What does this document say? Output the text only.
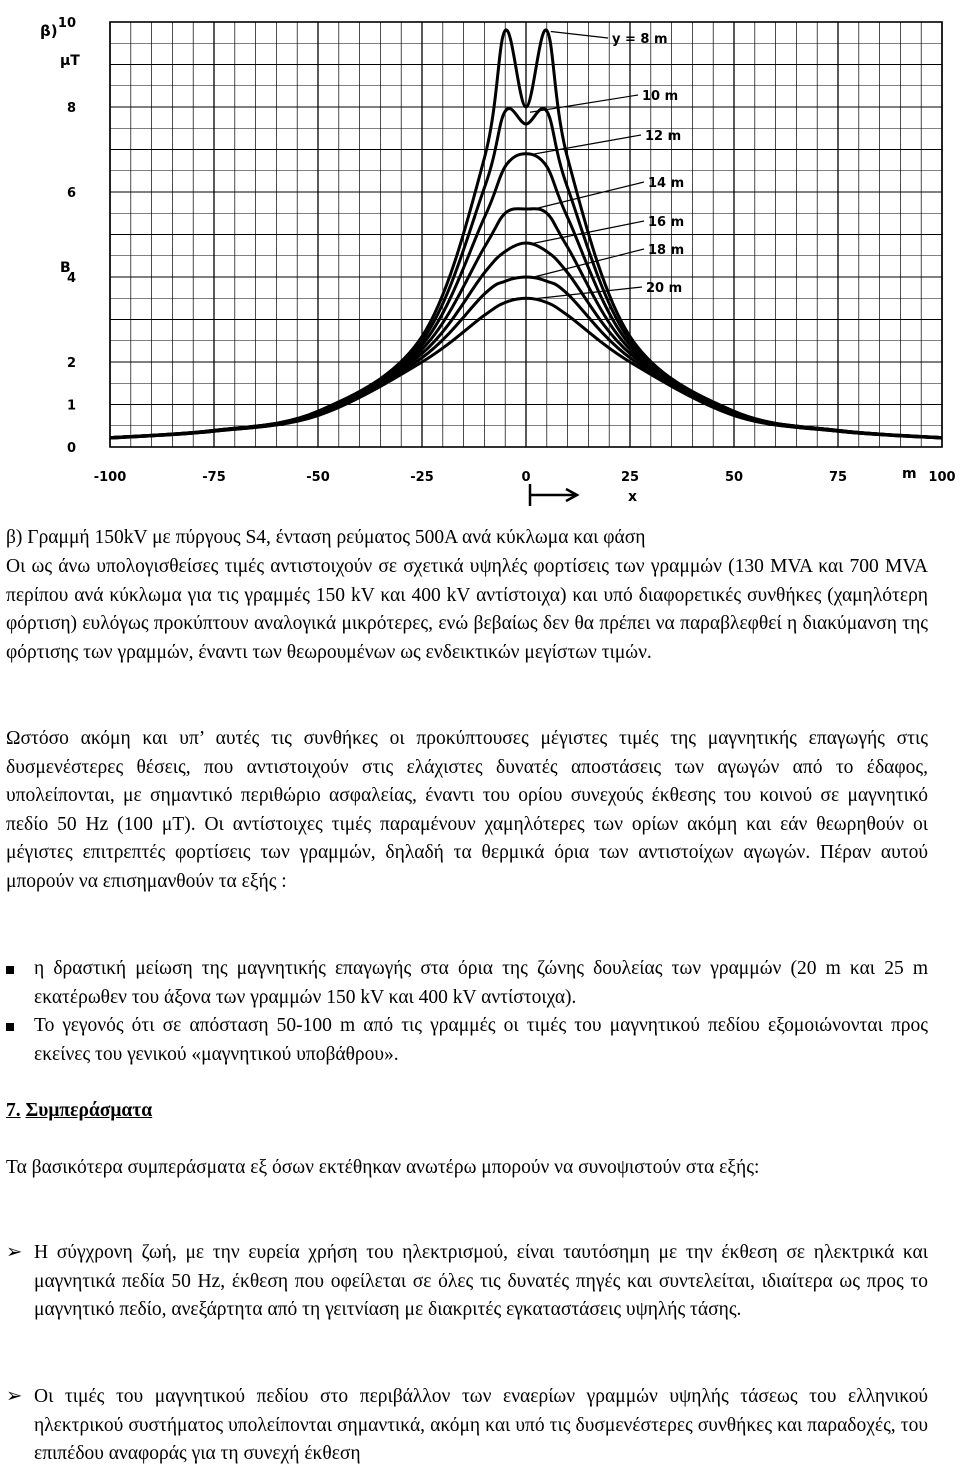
y = 8 m
10 m
12 m
14 m
16 m
18 m
20 m
-100	-75	-50	-25	0	25	50	75	100
0
1
2
4
6
8
10
β)
μT
B
m
x

β) Γραμμή 150kV με πύργους S4, ένταση ρεύματος 500Α ανά κύκλωμα και φάση

Οι ως άνω υπολογισθείσες τιμές αντιστοιχούν σε σχετικά υψηλές φορτίσεις των γραμμών (130 MVA και 700 MVA περίπου ανά κύκλωμα για τις γραμμές 150 kV και 400 kV αντίστοιχα) και υπό διαφορετικές συνθήκες (χαμηλότερη φόρτιση) ευλόγως προκύπτουν αναλογικά μικρότερες, ενώ βεβαίως δεν θα πρέπει να παραβλεφθεί η διακύμανση της φόρτισης των γραμμών, έναντι των θεωρουμένων ως ενδεικτικών μεγίστων τιμών.

Ωστόσο ακόμη και υπ’ αυτές τις συνθήκες οι προκύπτουσες μέγιστες τιμές της μαγνητικής επαγωγής στις δυσμενέστερες θέσεις, που αντιστοιχούν στις ελάχιστες δυνατές αποστάσεις των αγωγών από το έδαφος, υπολείπονται, με σημαντικό περιθώριο ασφαλείας, έναντι του ορίου συνεχούς έκθεσης του κοινού σε μαγνητικό πεδίο 50 Hz (100 μT). Οι αντίστοιχες τιμές παραμένουν χαμηλότερες των ορίων ακόμη και εάν θεωρηθούν οι μέγιστες επιτρεπτές φορτίσεις των γραμμών, δηλαδή τα θερμικά όρια των αντιστοίχων αγωγών. Πέραν αυτού μπορούν να επισημανθούν τα εξής :

η δραστική μείωση της μαγνητικής επαγωγής στα όρια της ζώνης δουλείας των γραμμών (20 m και 25 m εκατέρωθεν του άξονα των γραμμών 150 kV και 400 kV αντίστοιχα).
Το γεγονός ότι σε απόσταση 50-100 m από τις γραμμές οι τιμές του μαγνητικού πεδίου εξομοιώνονται προς εκείνες του γενικού «μαγνητικού υποβάθρου».

7. Συμπεράσματα

Τα βασικότερα συμπεράσματα εξ όσων εκτέθηκαν ανωτέρω μπορούν να συνοψιστούν στα εξής:

➢ Η σύγχρονη ζωή, με την ευρεία χρήση του ηλεκτρισμού, είναι ταυτόσημη με την έκθεση σε ηλεκτρικά και μαγνητικά πεδία 50 Hz, έκθεση που οφείλεται σε όλες τις δυνατές πηγές και συντελείται, ιδιαίτερα ως προς το μαγνητικό πεδίο, ανεξάρτητα από τη γειτνίαση με διακριτές εγκαταστάσεις υψηλής τάσης.
➢ Οι τιμές του μαγνητικού πεδίου στο περιβάλλον των εναερίων γραμμών υψηλής τάσεως του ελληνικού ηλεκτρικού συστήματος υπολείπονται σημαντικά, ακόμη και υπό τις δυσμενέστερες συνθήκες και παραδοχές, του επιπέδου αναφοράς για τη συνεχή έκθεση
